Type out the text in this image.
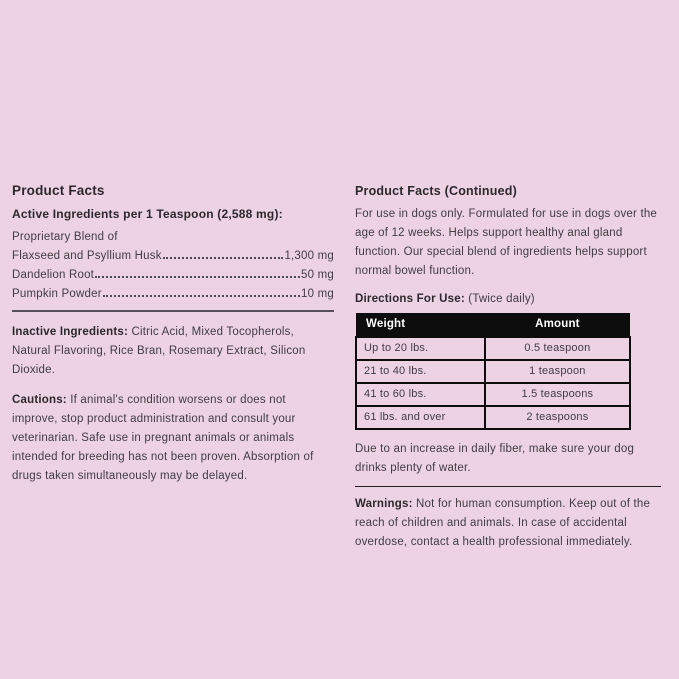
Product Facts
Active Ingredients per 1 Teaspoon (2,588 mg):

Proprietary Blend of

Flaxseed and Psyllium Husk	1,300 mg
Dandelion Root	50 mg
Pumpkin Powder	10 mg

Inactive Ingredients: Citric Acid, Mixed Tocopherols, Natural Flavoring, Rice Bran, Rosemary Extract, Silicon Dioxide.

Cautions: If animal's condition worsens or does not improve, stop product administration and consult your veterinarian. Safe use in pregnant animals or animals intended for breeding has not been proven. Absorption of drugs taken simultaneously may be delayed.

Product Facts (Continued)

For use in dogs only. Formulated for use in dogs over the age of 12 weeks. Helps support healthy anal gland function. Our special blend of ingredients helps support normal bowel function.

Directions For Use: (Twice daily)

Weight	Amount
Up to 20 lbs.	0.5 teaspoon
21 to 40 lbs.	1 teaspoon
41 to 60 lbs.	1.5 teaspoons
61 lbs. and over	2 teaspoons

Due to an increase in daily fiber, make sure your dog drinks plenty of water.

Warnings: Not for human consumption. Keep out of the reach of children and animals. In case of accidental overdose, contact a health professional immediately.
